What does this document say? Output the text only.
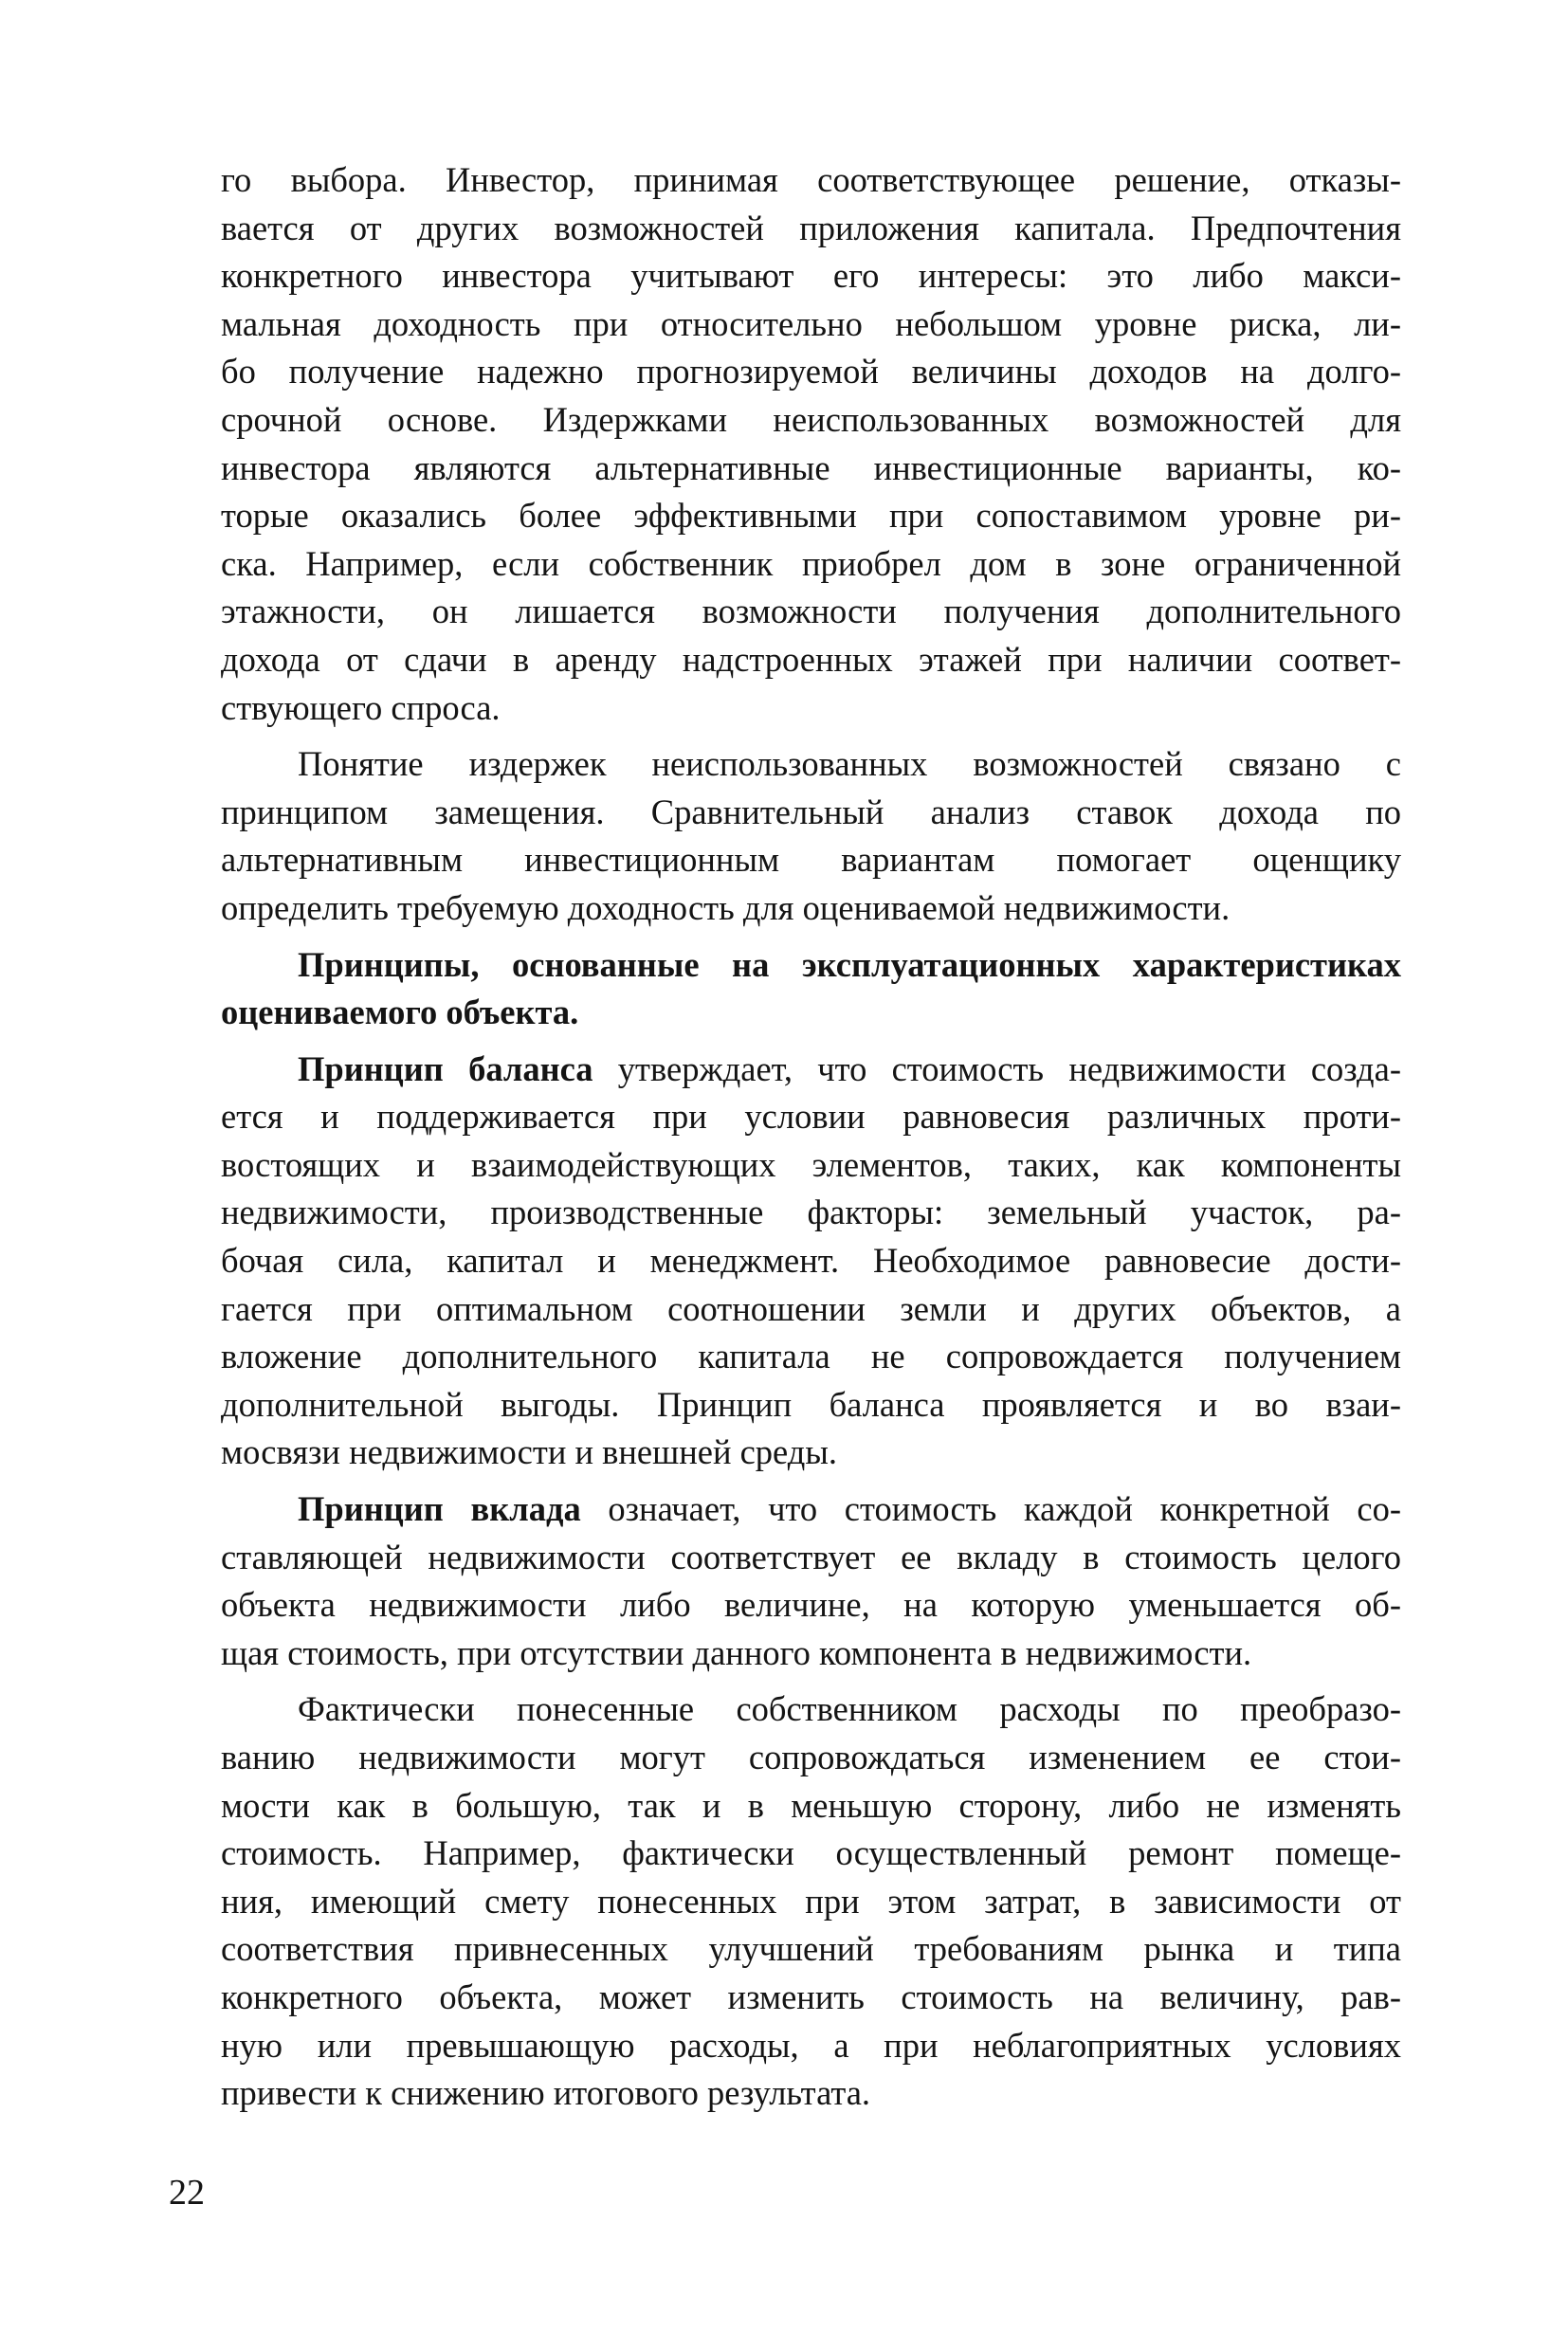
го выбора. Инвестор, принимая соответствующее решение, отказы-
вается от других возможностей приложения капитала. Предпочтения
конкретного инвестора учитывают его интересы: это либо макси-
мальная доходность при относительно небольшом уровне риска, ли-
бо получение надежно прогнозируемой величины доходов на долго-
срочной основе. Издержками неиспользованных возможностей для
инвестора являются альтернативные инвестиционные варианты, ко-
торые оказались более эффективными при сопоставимом уровне ри-
ска. Например, если собственник приобрел дом в зоне ограниченной
этажности, он лишается возможности получения дополнительного
дохода от сдачи в аренду надстроенных этажей при наличии соответ-
ствующего спроса.
Понятие издержек неиспользованных возможностей связано с
принципом замещения. Сравнительный анализ ставок дохода по
альтернативным инвестиционным вариантам помогает оценщику
определить требуемую доходность для оцениваемой недвижимости.
Принципы, основанные на эксплуатационных характеристиках
оцениваемого объекта.
Принцип баланса утверждает, что стоимость недвижимости созда-
ется и поддерживается при условии равновесия различных проти-
востоящих и взаимодействующих элементов, таких, как компоненты
недвижимости, производственные факторы: земельный участок, ра-
бочая сила, капитал и менеджмент. Необходимое равновесие дости-
гается при оптимальном соотношении земли и других объектов, а
вложение дополнительного капитала не сопровождается получением
дополнительной выгоды. Принцип баланса проявляется и во взаи-
мосвязи недвижимости и внешней среды.
Принцип вклада означает, что стоимость каждой конкретной со-
ставляющей недвижимости соответствует ее вкладу в стоимость целого
объекта недвижимости либо величине, на которую уменьшается об-
щая стоимость, при отсутствии данного компонента в недвижимости.
Фактически понесенные собственником расходы по преобразо-
ванию недвижимости могут сопровождаться изменением ее стои-
мости как в большую, так и в меньшую сторону, либо не изменять
стоимость. Например, фактически осуществленный ремонт помеще-
ния, имеющий смету понесенных при этом затрат, в зависимости от
соответствия привнесенных улучшений требованиям рынка и типа
конкретного объекта, может изменить стоимость на величину, рав-
ную или превышающую расходы, а при неблагоприятных условиях
привести к снижению итогового результата.
22
